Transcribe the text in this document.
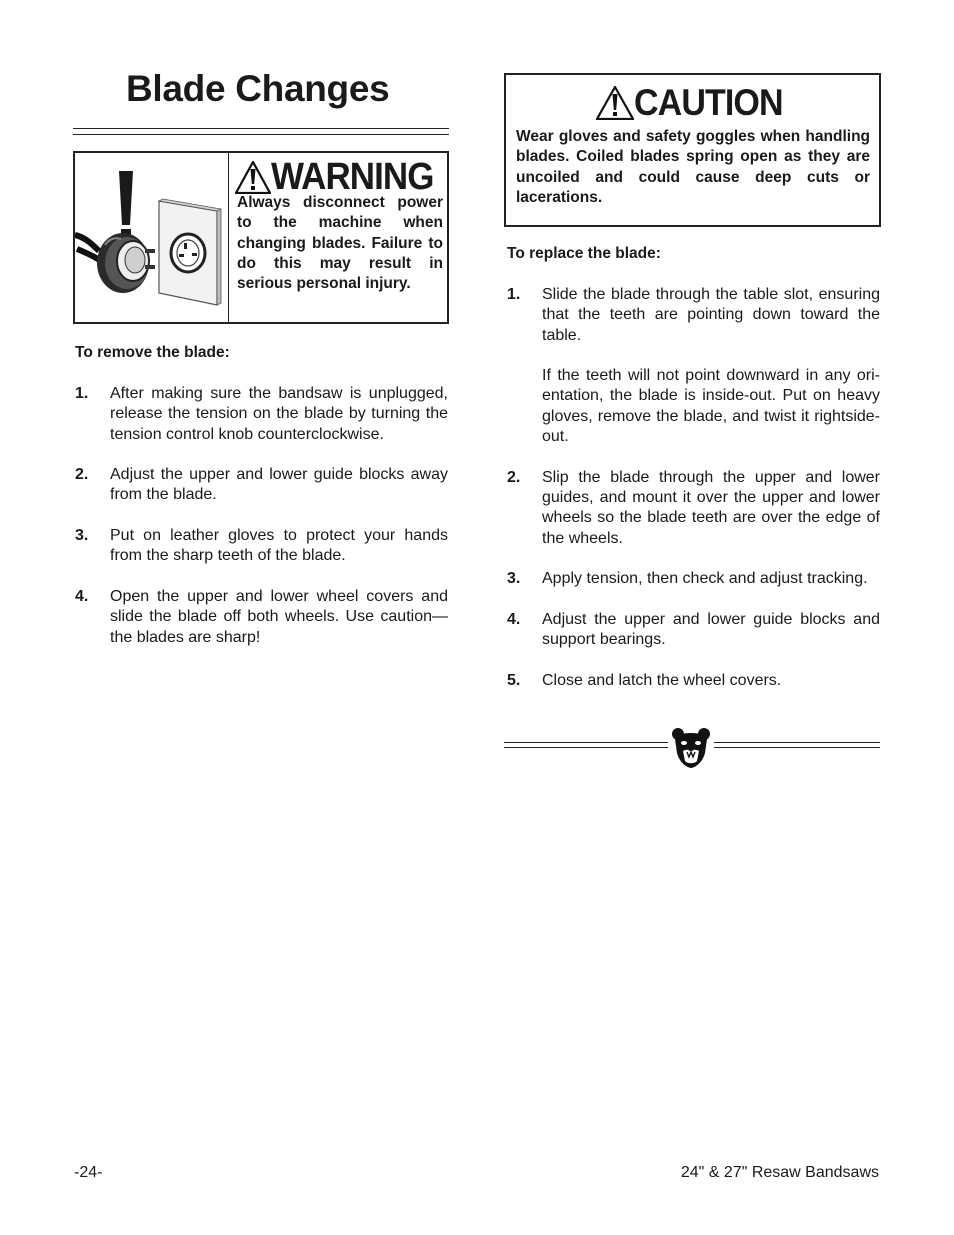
Blade Changes
WARNING

Always disconnect power to the machine when changing blades. Failure to do this may result in serious personal injury.

To remove the blade:
1.	After making sure the bandsaw is unplugged, release the tension on the blade by turning the tension control knob counterclockwise.
2.	Adjust the upper and lower guide blocks away from the blade.
3.	Put on leather gloves to protect your hands from the sharp teeth of the blade.
4.	Open the upper and lower wheel covers and slide the blade off both wheels. Use caution—the blades are sharp!
CAUTION

Wear gloves and safety goggles when handling blades. Coiled blades spring open as they are uncoiled and could cause deep cuts or lacerations.

To replace the blade:
1.	Slide the blade through the table slot, ensuring that the teeth are pointing down toward the table.

If the teeth will not point downward in any orientation, the blade is inside-out. Put on heavy gloves, remove the blade, and twist it rightside-out.

2.	Slip the blade through the upper and lower guides, and mount it over the upper and lower wheels so the blade teeth are over the edge of the wheels.
3.	Apply tension, then check and adjust tracking.
4.	Adjust the upper and lower guide blocks and support bearings.
5.	Close and latch the wheel covers.
-24-	24" & 27" Resaw Bandsaws
